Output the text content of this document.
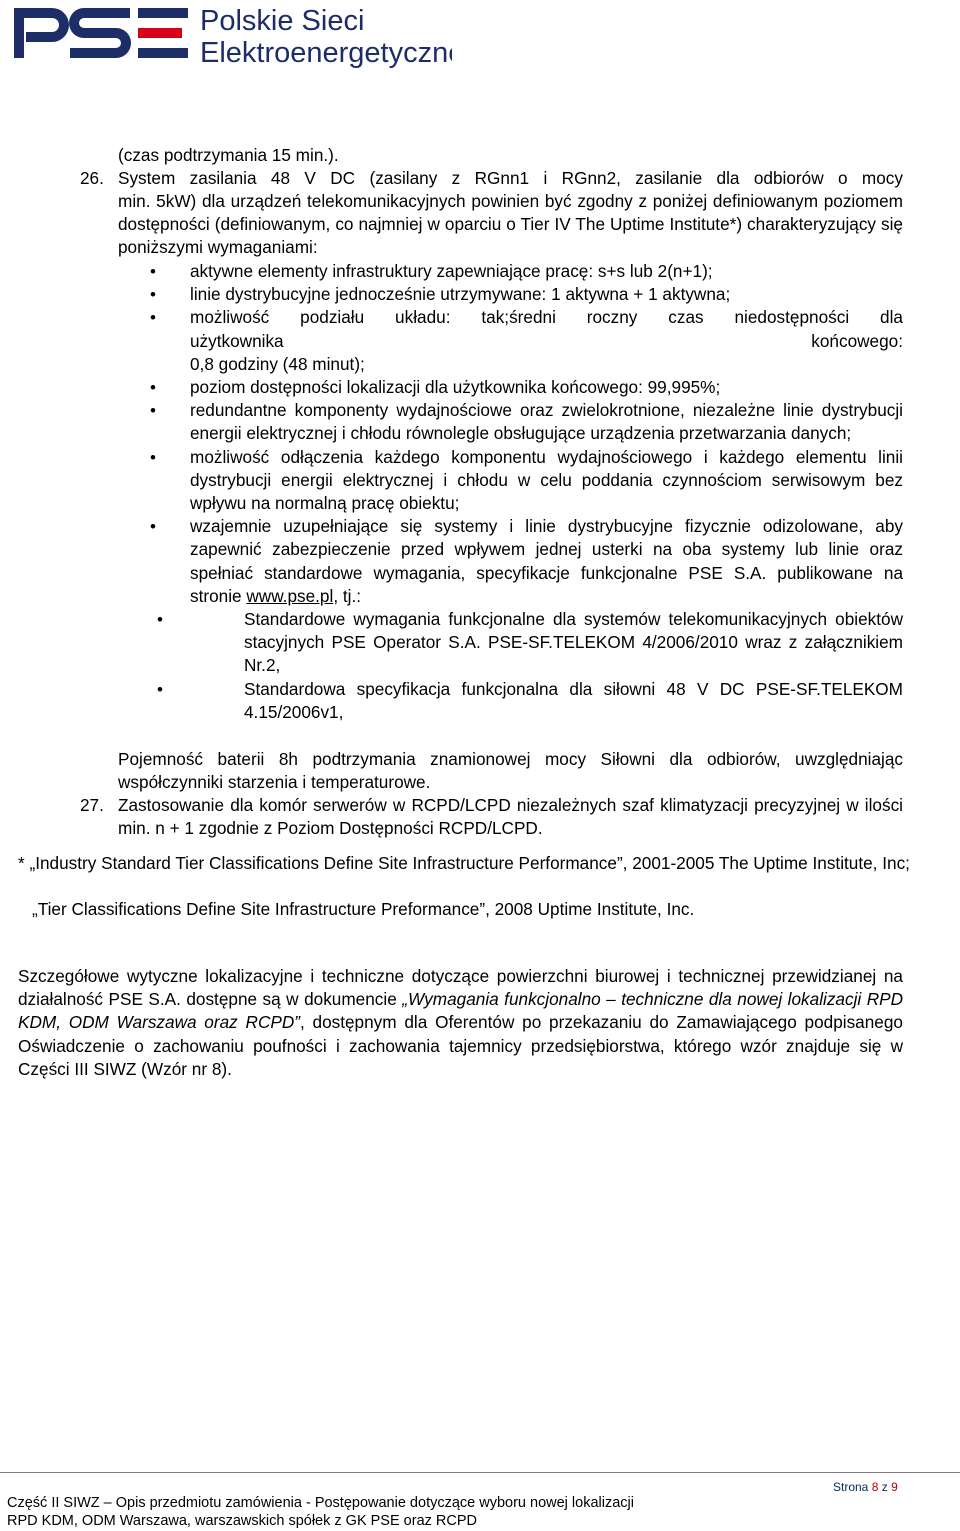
Polskie Sieci
Elektroenergetyczne
(czas podtrzymania 15 min.).
26. System zasilania 48 V DC (zasilany z RGnn1 i RGnn2, zasilanie dla odbiorów o mocy
min. 5kW) dla urządzeń telekomunikacyjnych powinien być zgodny z poniżej definiowanym poziomem dostępności (definiowanym, co najmniej w oparciu o Tier IV The Uptime Institute*) charakteryzujący się poniższymi wymaganiami:
• aktywne elementy infrastruktury zapewniające pracę: s+s lub 2(n+1);
• linie dystrybucyjne jednocześnie utrzymywane: 1 aktywna + 1 aktywna;
• możliwość podziału układu: tak;średni roczny czas niedostępności dla
użytkownika	końcowego:
0,8 godziny (48 minut);
• poziom dostępności lokalizacji dla użytkownika końcowego: 99,995%;
• redundantne komponenty wydajnościowe oraz zwielokrotnione, niezależne linie dystrybucji energii elektrycznej i chłodu równolegle obsługujące urządzenia przetwarzania danych;
• możliwość odłączenia każdego komponentu wydajnościowego i każdego elementu linii dystrybucji energii elektrycznej i chłodu w celu poddania czynnościom serwisowym bez wpływu na normalną pracę obiektu;
• wzajemnie uzupełniające się systemy i linie dystrybucyjne fizycznie odizolowane, aby zapewnić zabezpieczenie przed wpływem jednej usterki na oba systemy lub linie oraz spełniać standardowe wymagania, specyfikacje funkcjonalne PSE S.A. publikowane na stronie www.pse.pl, tj.:
• Standardowe wymagania funkcjonalne dla systemów telekomunikacyjnych obiektów stacyjnych PSE Operator S.A. PSE-SF.TELEKOM 4/2006/2010 wraz z załącznikiem Nr.2,
• Standardowa specyfikacja funkcjonalna dla siłowni 48 V DC PSE-SF.TELEKOM 4.15/2006v1,
Pojemność baterii 8h podtrzymania znamionowej mocy Siłowni dla odbiorów, uwzględniając współczynniki starzenia i temperaturowe.
27. Zastosowanie dla komór serwerów w RCPD/LCPD niezależnych szaf klimatyzacji precyzyjnej w ilości min. n + 1 zgodnie z Poziom Dostępności RCPD/LCPD.
* „Industry Standard Tier Classifications Define Site Infrastructure Performance”, 2001-2005 The Uptime Institute, Inc;
„Tier Classifications Define Site Infrastructure Preformance”, 2008 Uptime Institute, Inc.
Szczegółowe wytyczne lokalizacyjne i techniczne dotyczące powierzchni biurowej i technicznej przewidzianej na działalność PSE S.A. dostępne są w dokumencie „Wymagania funkcjonalno – techniczne dla nowej lokalizacji RPD KDM, ODM Warszawa oraz RCPD”, dostępnym dla Oferentów po przekazaniu do Zamawiającego podpisanego Oświadczenie o zachowaniu poufności i zachowania tajemnicy przedsiębiorstwa, którego wzór znajduje się w Części III SIWZ (Wzór nr 8).
Strona 8 z 9
Część II SIWZ – Opis przedmiotu zamówienia - Postępowanie dotyczące wyboru nowej lokalizacji
RPD KDM, ODM Warszawa, warszawskich spółek z GK PSE oraz RCPD
